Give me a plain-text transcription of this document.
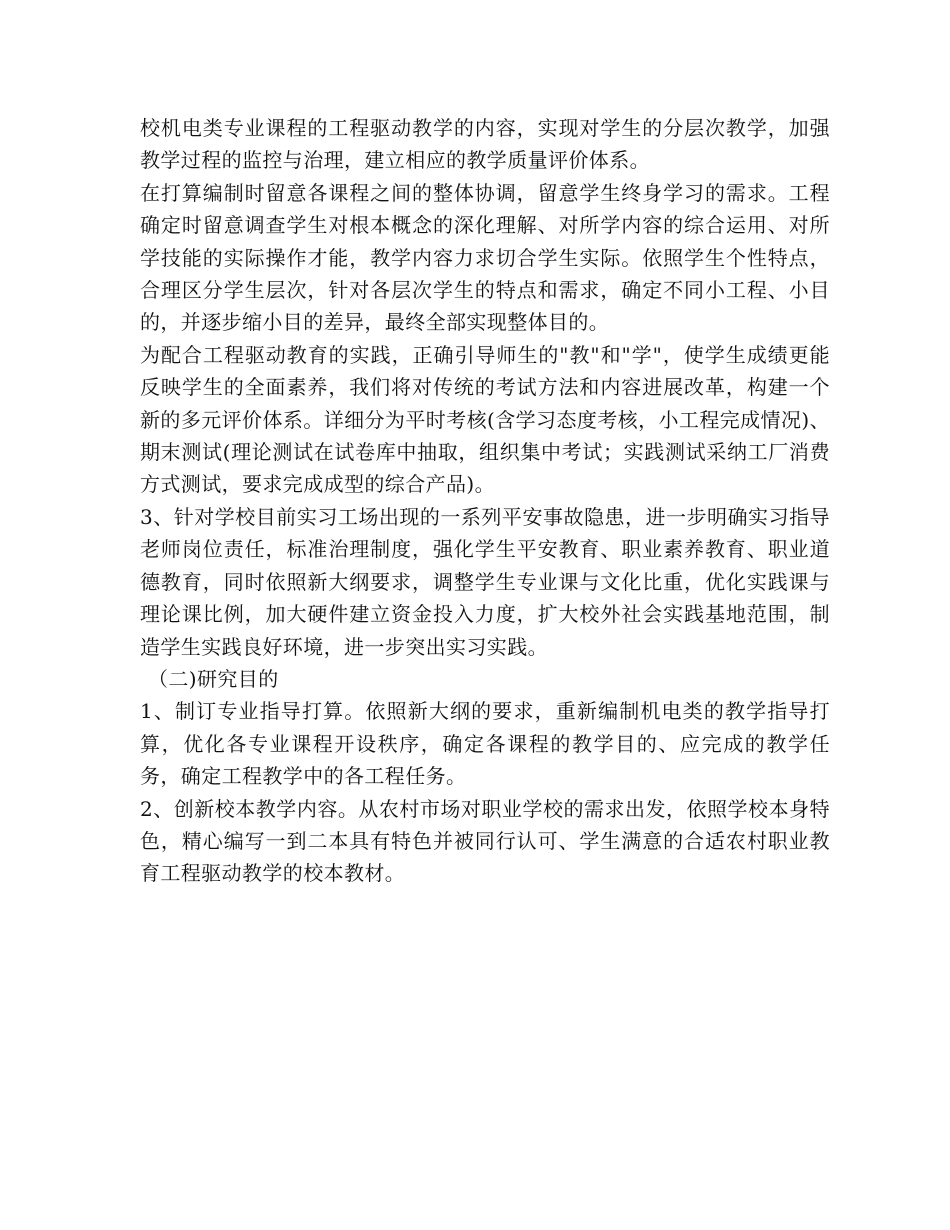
校机电类专业课程的工程驱动教学的内容，实现对学生的分层次教学，加强教学过程的监控与治理，建立相应的教学质量评价体系。

在打算编制时留意各课程之间的整体协调，留意学生终身学习的需求。工程确定时留意调查学生对根本概念的深化理解、对所学内容的综合运用、对所学技能的实际操作才能，教学内容力求切合学生实际。依照学生个性特点，合理区分学生层次，针对各层次学生的特点和需求，确定不同小工程、小目的，并逐步缩小目的差异，最终全部实现整体目的。

为配合工程驱动教育的实践，正确引导师生的"教"和"学"，使学生成绩更能反映学生的全面素养，我们将对传统的考试方法和内容进展改革，构建一个新的多元评价体系。详细分为平时考核(含学习态度考核，小工程完成情况)、期末测试(理论测试在试卷库中抽取，组织集中考试；实践测试采纳工厂消费方式测试，要求完成成型的综合产品)。

3、针对学校目前实习工场出现的一系列平安事故隐患，进一步明确实习指导老师岗位责任，标准治理制度，强化学生平安教育、职业素养教育、职业道德教育，同时依照新大纲要求，调整学生专业课与文化比重，优化实践课与理论课比例，加大硬件建立资金投入力度，扩大校外社会实践基地范围，制造学生实践良好环境，进一步突出实习实践。

（二)研究目的

1、制订专业指导打算。依照新大纲的要求，重新编制机电类的教学指导打算，优化各专业课程开设秩序，确定各课程的教学目的、应完成的教学任务，确定工程教学中的各工程任务。

2、创新校本教学内容。从农村市场对职业学校的需求出发，依照学校本身特色，精心编写一到二本具有特色并被同行认可、学生满意的合适农村职业教育工程驱动教学的校本教材。
